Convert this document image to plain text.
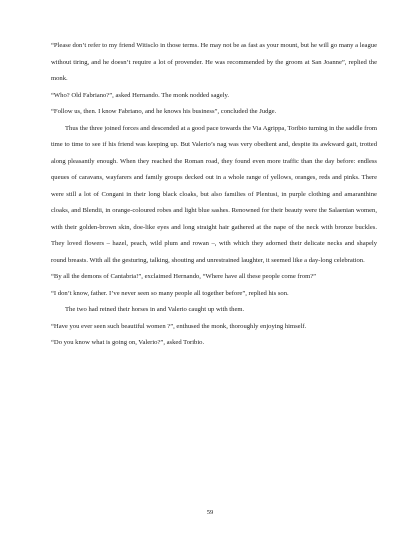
“Please don’t refer to my friend Witisclo in those terms. He may not be as fast as your mount, but he will go many a league without tiring, and he doesn’t require a lot of provender. He was recommended by the groom at San Joanne”, replied the monk.

“Who? Old Fabriano?”, asked Hernando. The monk nodded sagely.

“Follow us, then. I know Fabriano, and he knows his business”, concluded the Judge.

Thus the three joined forces and descended at a good pace towards the Via Agrippa, Toribio turning in the saddle from time to time to see if his friend was keeping up. But Valerio’s nag was very obedient and, despite its awkward gait, trotted along pleasantly enough. When they reached the Roman road, they found even more traffic than the day before: endless queues of caravans, wayfarers and family groups decked out in a whole range of yellows, oranges, reds and pinks. There were still a lot of Congani in their long black cloaks, but also families of Plentusi, in purple clothing and amaranthine cloaks, and Blendii, in orange-coloured robes and light blue sashes. Renowned for their beauty were the Salaenian women, with their golden-brown skin, doe-like eyes and long straight hair gathered at the nape of the neck with bronze buckles. They loved flowers – hazel, peach, wild plum and rowan –, with which they adorned their delicate necks and shapely round breasts. With all the gesturing, talking, shouting and unrestrained laughter, it seemed like a day-long celebration.

“By all the demons of Cantabria!”, exclaimed Hernando, “Where have all these people come from?”

“I don’t know, father. I’ve never seen so many people all together before”, replied his son.

The two had reined their horses in and Valerio caught up with them.

“Have you ever seen such beautiful women ?”, enthused the monk, thoroughly enjoying himself.

“Do you know what is going on, Valerio?”, asked Toribio.

59
